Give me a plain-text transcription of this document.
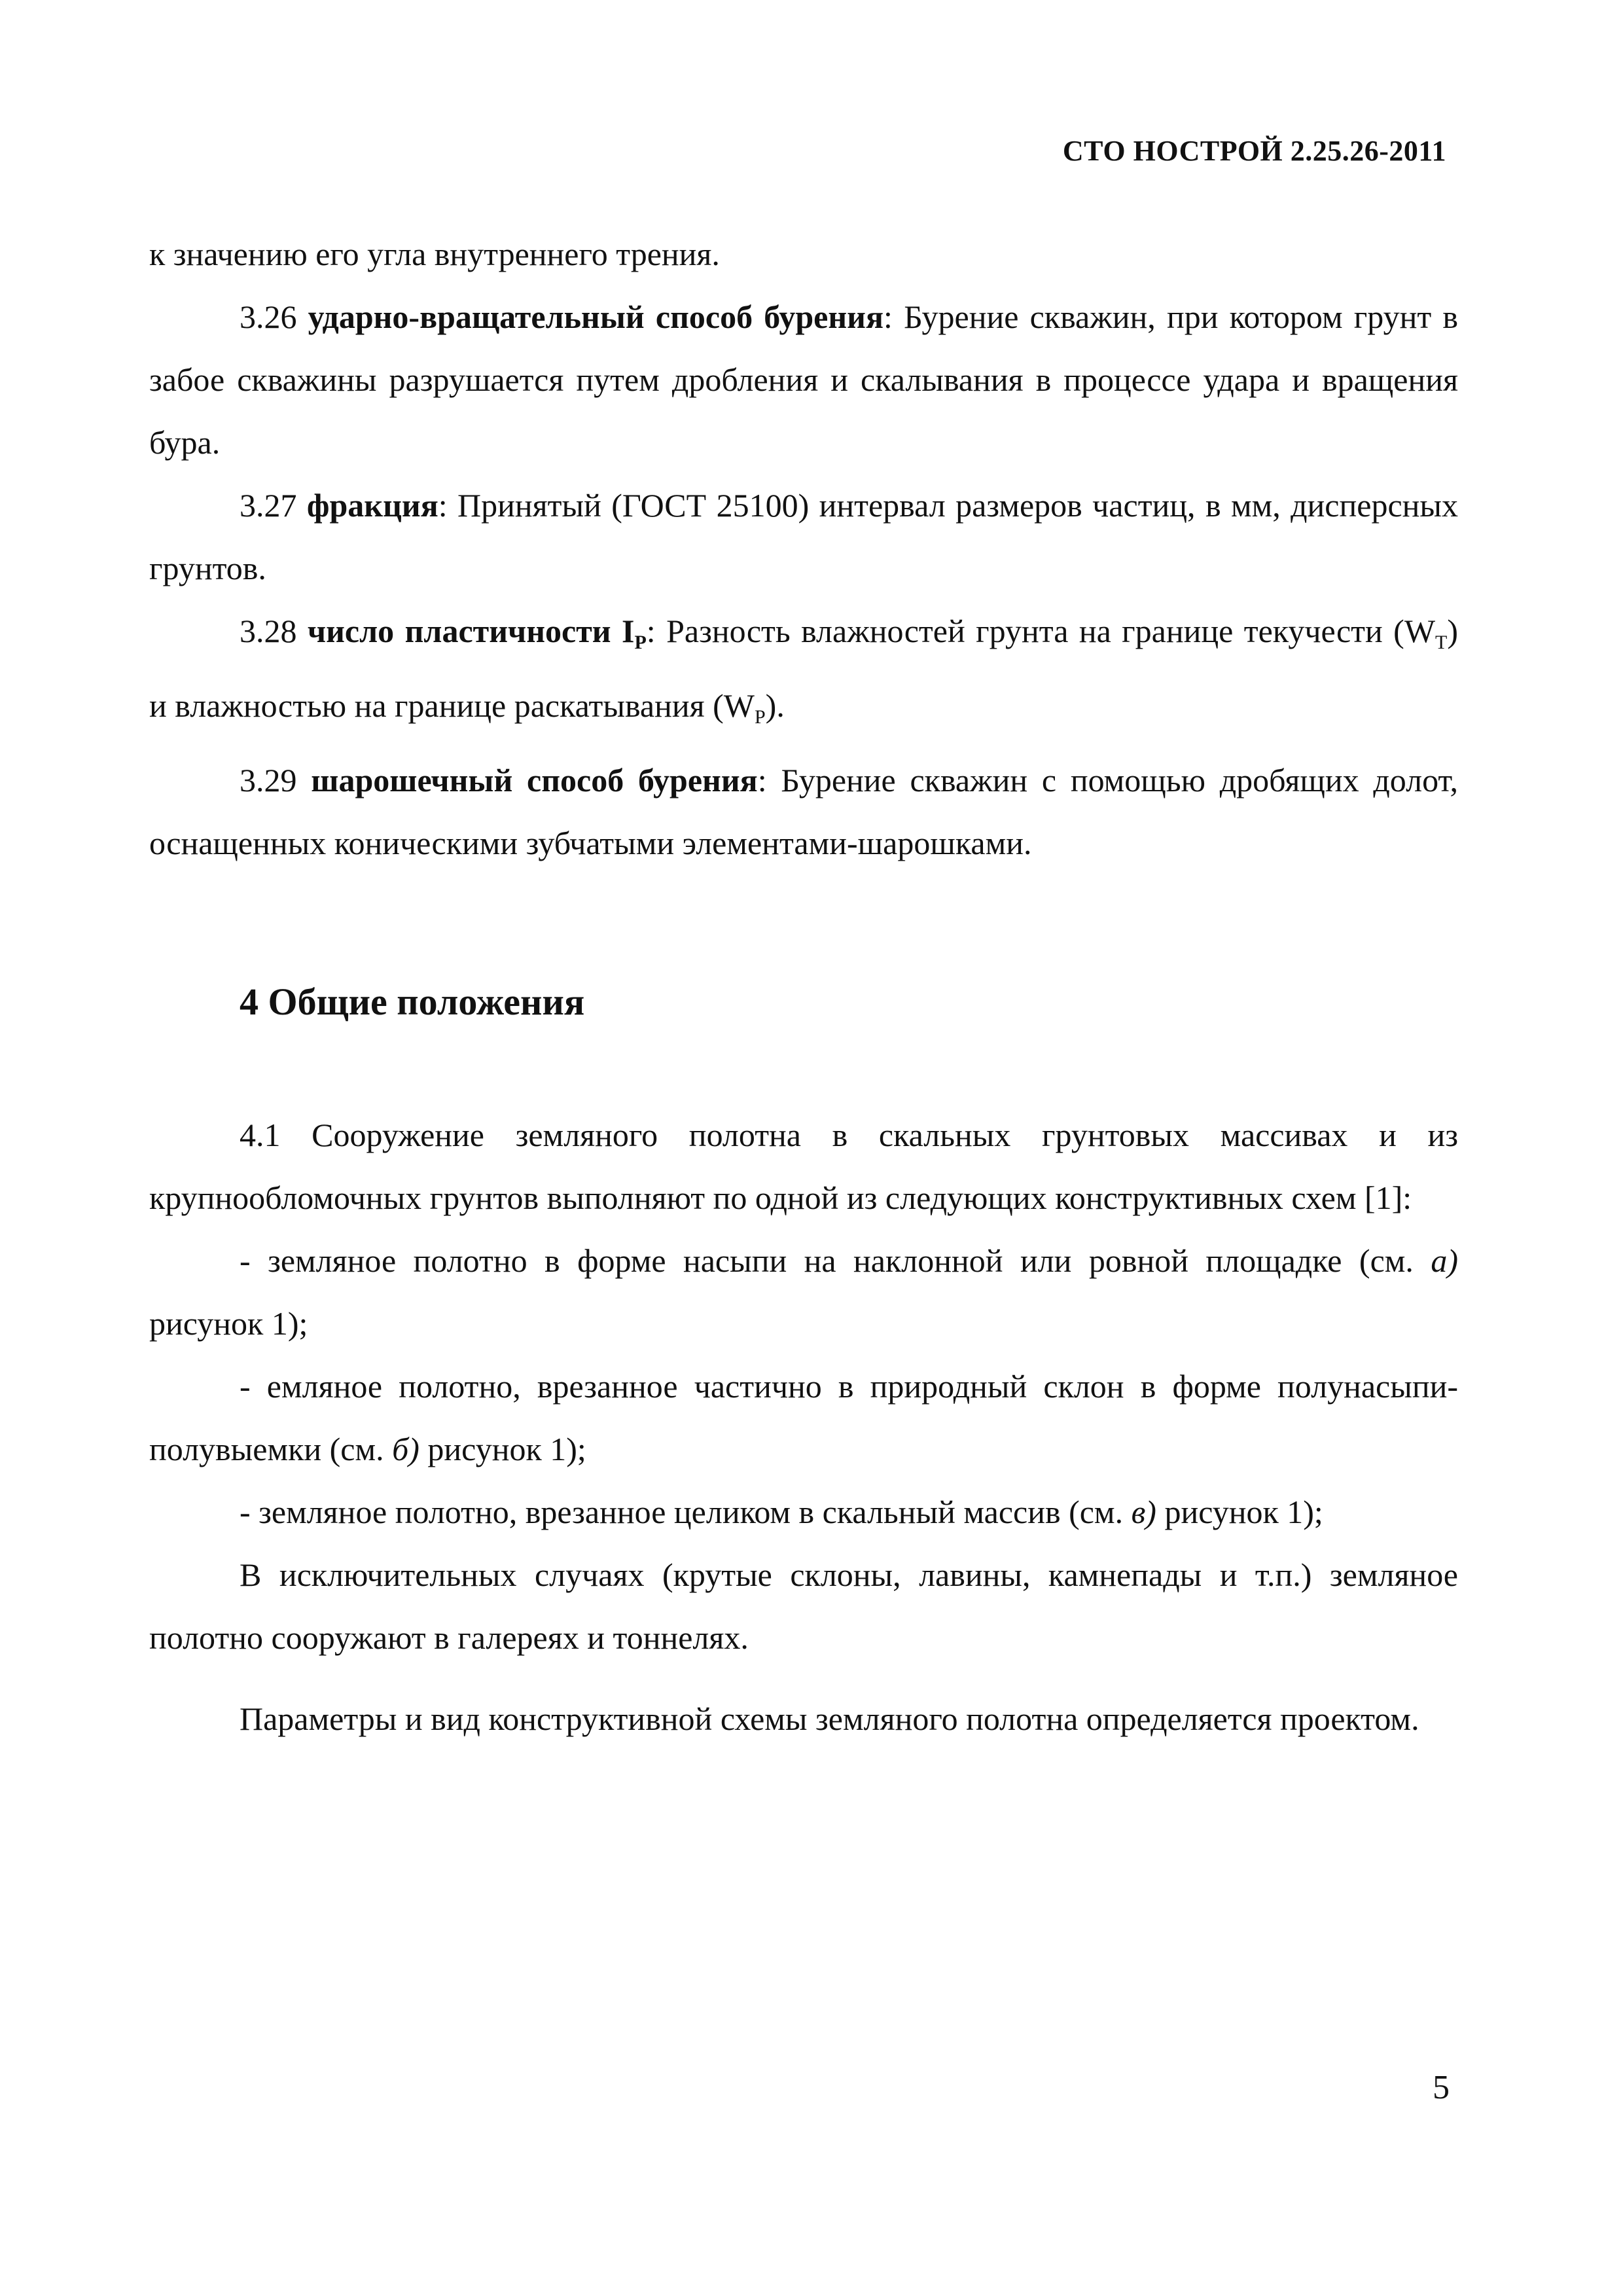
СТО НОСТРОЙ 2.25.26-2011

к значению его угла внутреннего трения.

3.26 ударно-вращательный способ бурения: Бурение скважин, при котором грунт в забое скважины разрушается путем дробления и скалывания в процессе удара и вращения бура.

3.27 фракция: Принятый (ГОСТ 25100) интервал размеров частиц, в мм, дисперсных грунтов.

3.28 число пластичности $I_P$: Разность влажностей грунта на границе текучести $(W_T)$ и влажностью на границе раскатывания $(W_P)$.

3.29 шарошечный способ бурения: Бурение скважин с помощью дробящих долот, оснащенных коническими зубчатыми элементами-шарошками.

4 Общие положения

4.1 Сооружение земляного полотна в скальных грунтовых массивах и из крупнообломочных грунтов выполняют по одной из следующих конструктивных схем [1]:

- земляное полотно в форме насыпи на наклонной или ровной площадке (см. а) рисунок 1);

- емляное полотно, врезанное частично в природный склон в форме полунасыпи-полувыемки (см. б) рисунок 1);

- земляное полотно, врезанное целиком в скальный массив (см. в) рисунок 1);

В исключительных случаях (крутые склоны, лавины, камнепады и т.п.) земляное полотно сооружают в галереях и тоннелях.

Параметры и вид конструктивной схемы земляного полотна определяется проектом.

5
